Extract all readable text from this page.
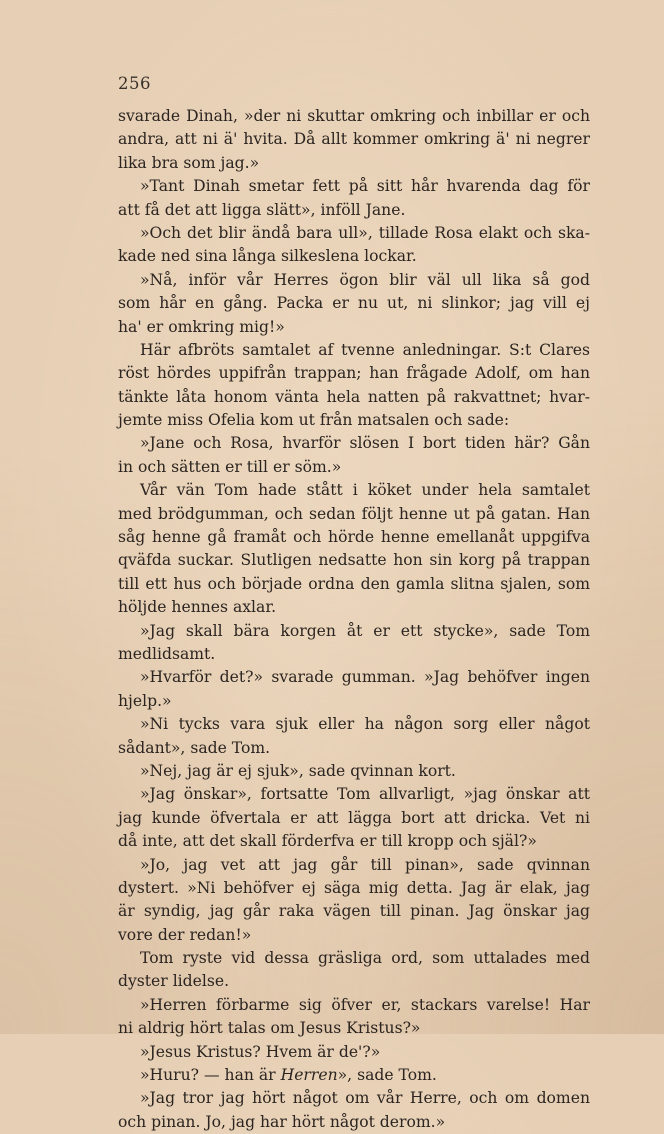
256
svarade Dinah, »der ni skuttar omkring och inbillar er och
andra, att ni ä' hvita. Då allt kommer omkring ä' ni negrer
lika bra som jag.»
»Tant Dinah smetar fett på sitt hår hvarenda dag för
att få det att ligga slätt», inföll Jane.
»Och det blir ändå bara ull», tillade Rosa elakt och ska-
kade ned sina långa silkeslena lockar.
»Nå, inför vår Herres ögon blir väl ull lika så god
som hår en gång. Packa er nu ut, ni slinkor; jag vill ej
ha' er omkring mig!»
Här afbröts samtalet af tvenne anledningar. S:t Clares
röst hördes uppifrån trappan; han frågade Adolf, om han
tänkte låta honom vänta hela natten på rakvattnet; hvar-
jemte miss Ofelia kom ut från matsalen och sade:
»Jane och Rosa, hvarför slösen I bort tiden här? Gån
in och sätten er till er söm.»
Vår vän Tom hade stått i köket under hela samtalet
med brödgumman, och sedan följt henne ut på gatan. Han
såg henne gå framåt och hörde henne emellanåt uppgifva
qväfda suckar. Slutligen nedsatte hon sin korg på trappan
till ett hus och började ordna den gamla slitna sjalen, som
höljde hennes axlar.
»Jag skall bära korgen åt er ett stycke», sade Tom
medlidsamt.
»Hvarför det?» svarade gumman. »Jag behöfver ingen
hjelp.»
»Ni tycks vara sjuk eller ha någon sorg eller något
sådant», sade Tom.
»Nej, jag är ej sjuk», sade qvinnan kort.
»Jag önskar», fortsatte Tom allvarligt, »jag önskar att
jag kunde öfvertala er att lägga bort att dricka. Vet ni
då inte, att det skall förderfva er till kropp och själ?»
»Jo, jag vet att jag går till pinan», sade qvinnan
dystert. »Ni behöfver ej säga mig detta. Jag är elak, jag
är syndig, jag går raka vägen till pinan. Jag önskar jag
vore der redan!»
Tom ryste vid dessa gräsliga ord, som uttalades med
dyster lidelse.
»Herren förbarme sig öfver er, stackars varelse! Har
ni aldrig hört talas om Jesus Kristus?»
»Jesus Kristus? Hvem är de'?»
»Huru? — han är Herren», sade Tom.
»Jag tror jag hört något om vår Herre, och om domen
och pinan. Jo, jag har hört något derom.»
